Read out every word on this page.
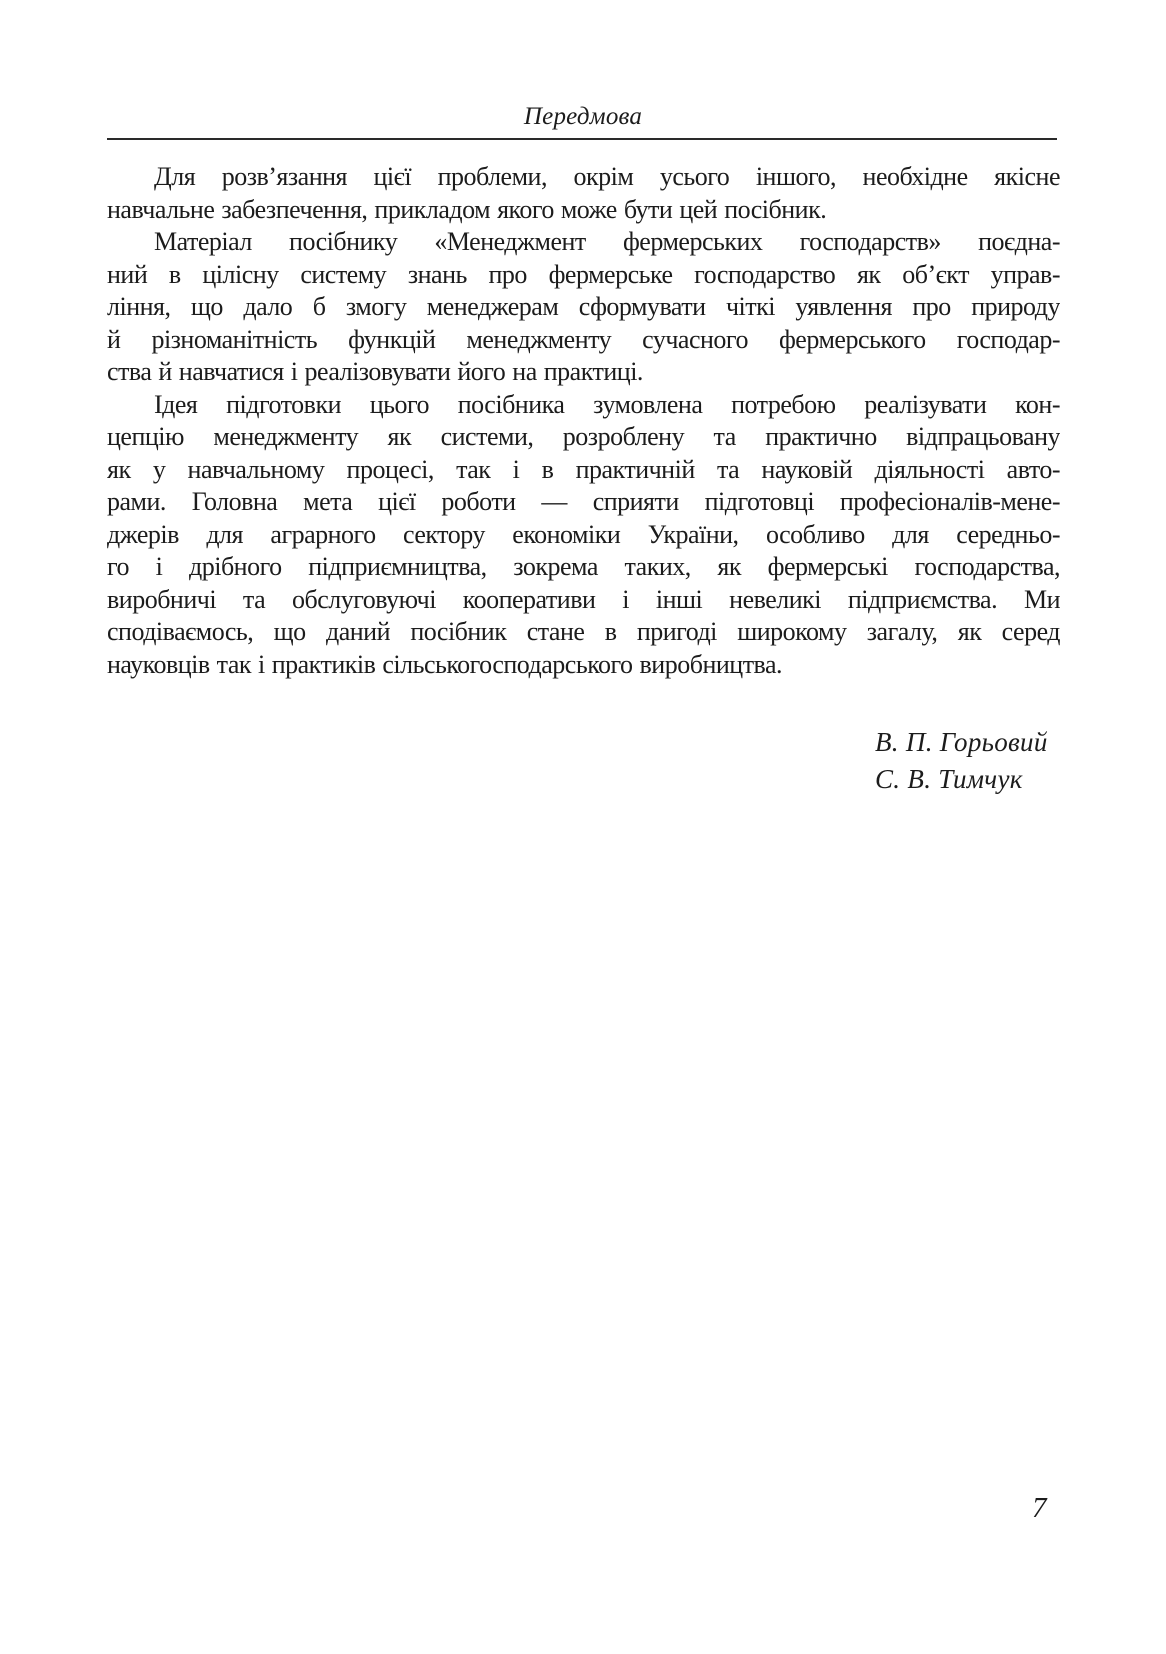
Передмова
Для розв’язання цієї проблеми, окрім усього іншого, необхідне якісне
навчальне забезпечення, прикладом якого може бути цей посібник.
Матеріал посібнику «Менеджмент фермерських господарств» поєдна-
ний в цілісну систему знань про фермерське господарство як об’єкт управ-
ління, що дало б змогу менеджерам сформувати чіткі уявлення про природу
й різноманітність функцій менеджменту сучасного фермерського господар-
ства й навчатися і реалізовувати його на практиці.
Ідея підготовки цього посібника зумовлена потребою реалізувати кон-
цепцію менеджменту як системи, розроблену та практично відпрацьовану
як у навчальному процесі, так і в практичній та науковій діяльності авто-
рами. Головна мета цієї роботи — сприяти підготовці професіоналів-мене-
джерів для аграрного сектору економіки України, особливо для середньо-
го і дрібного підприємництва, зокрема таких, як фермерські господарства,
виробничі та обслуговуючі кооперативи і інші невеликі підприємства. Ми
сподіваємось, що даний посібник стане в пригоді широкому загалу, як серед
науковців так і практиків сільськогосподарського виробництва.
В. П. Горьовий
С. В. Тимчук
7
